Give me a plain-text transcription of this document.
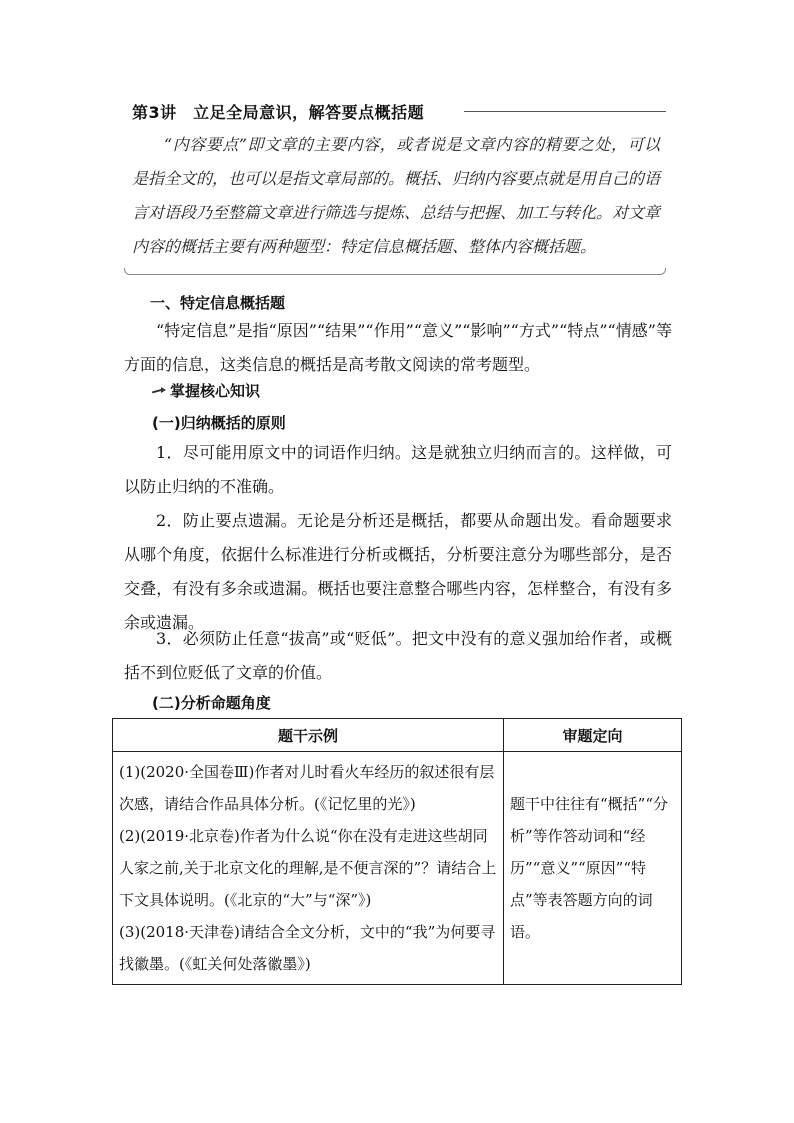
第3讲　立足全局意识，解答要点概括题
“内容要点”即文章的主要内容，或者说是文章内容的精要之处，可以是指全文的，也可以是指文章局部的。概括、归纳内容要点就是用自己的语言对语段乃至整篇文章进行筛选与提炼、总结与把握、加工与转化。对文章内容的概括主要有两种题型：特定信息概括题、整体内容概括题。
一、特定信息概括题
“特定信息”是指“原因”“结果”“作用”“意义”“影响”“方式”“特点”“情感”等方面的信息，这类信息的概括是高考散文阅读的常考题型。
掌握核心知识
(一)归纳概括的原则
1．尽可能用原文中的词语作归纳。这是就独立归纳而言的。这样做，可以防止归纳的不准确。
2．防止要点遗漏。无论是分析还是概括，都要从命题出发。看命题要求从哪个角度，依据什么标准进行分析或概括，分析要注意分为哪些部分，是否交叠，有没有多余或遗漏。概括也要注意整合哪些内容，怎样整合，有没有多余或遗漏。
3．必须防止任意“拔高”或“贬低”。把文中没有的意义强加给作者，或概括不到位贬低了文章的价值。
(二)分析命题角度
题干示例	审题定向

(1)(2020·全国卷Ⅲ)作者对儿时看火车经历的叙述很有层次感，请结合作品具体分析。(《记忆里的光》)
(2)(2019·北京卷)作者为什么说“你在没有走进这些胡同人家之前,关于北京文化的理解,是不便言深的”？请结合上下文具体说明。(《北京的“大”与“深”》)
(3)(2018·天津卷)请结合全文分析，文中的“我”为何要寻找徽墨。(《虹关何处落徽墨》)	题干中往往有“概括”“分析”等作答动词和“经历”“意义”“原因”“特点”等表答题方向的词语。
